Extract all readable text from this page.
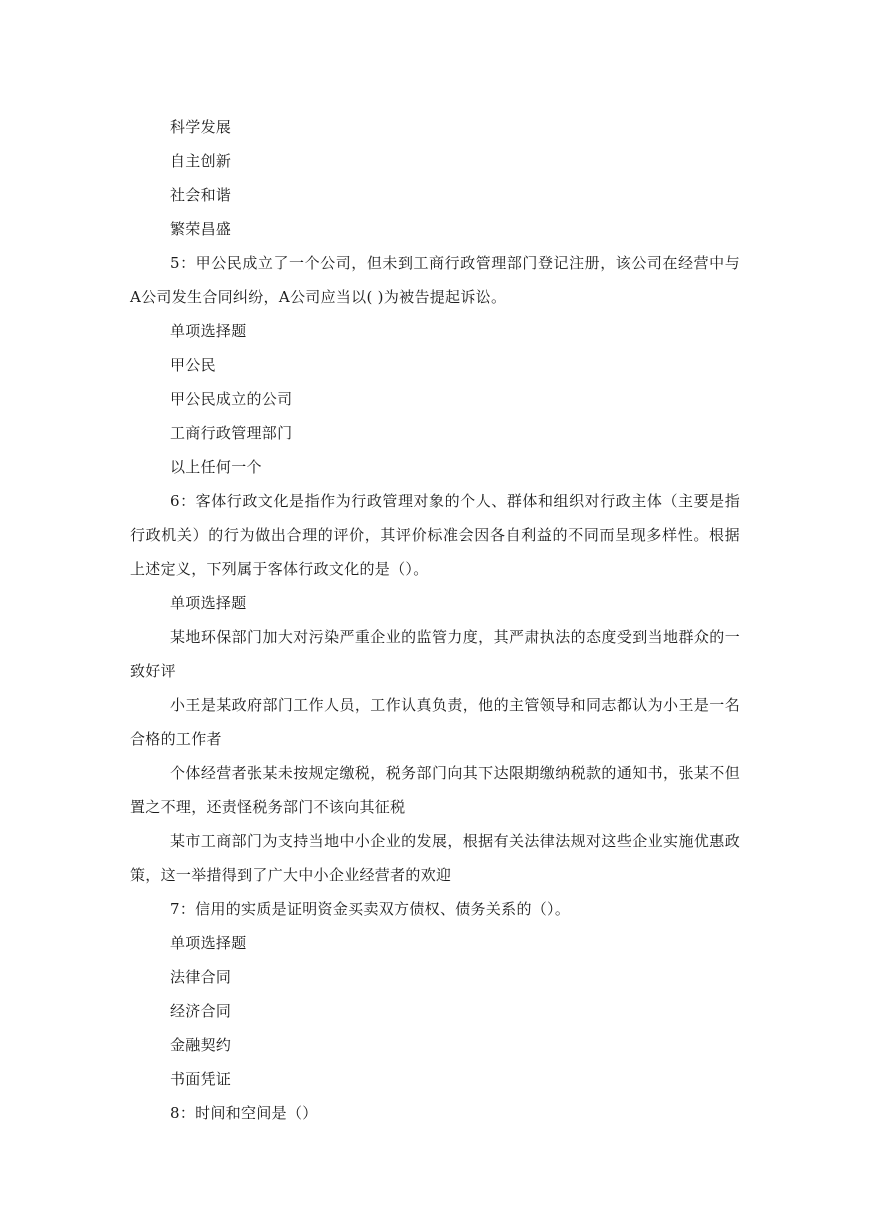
科学发展

自主创新

社会和谐

繁荣昌盛

5：甲公民成立了一个公司，但未到工商行政管理部门登记注册，该公司在经营中与A公司发生合同纠纷，A公司应当以( )为被告提起诉讼。

单项选择题

甲公民

甲公民成立的公司

工商行政管理部门

以上任何一个

6：客体行政文化是指作为行政管理对象的个人、群体和组织对行政主体（主要是指行政机关）的行为做出合理的评价，其评价标准会因各自利益的不同而呈现多样性。根据上述定义，下列属于客体行政文化的是（）。

单项选择题

某地环保部门加大对污染严重企业的监管力度，其严肃执法的态度受到当地群众的一致好评

小王是某政府部门工作人员，工作认真负责，他的主管领导和同志都认为小王是一名合格的工作者

个体经营者张某未按规定缴税，税务部门向其下达限期缴纳税款的通知书，张某不但置之不理，还责怪税务部门不该向其征税

某市工商部门为支持当地中小企业的发展，根据有关法律法规对这些企业实施优惠政策，这一举措得到了广大中小企业经营者的欢迎

7：信用的实质是证明资金买卖双方债权、债务关系的（）。

单项选择题

法律合同

经济合同

金融契约

书面凭证

8：时间和空间是（）
